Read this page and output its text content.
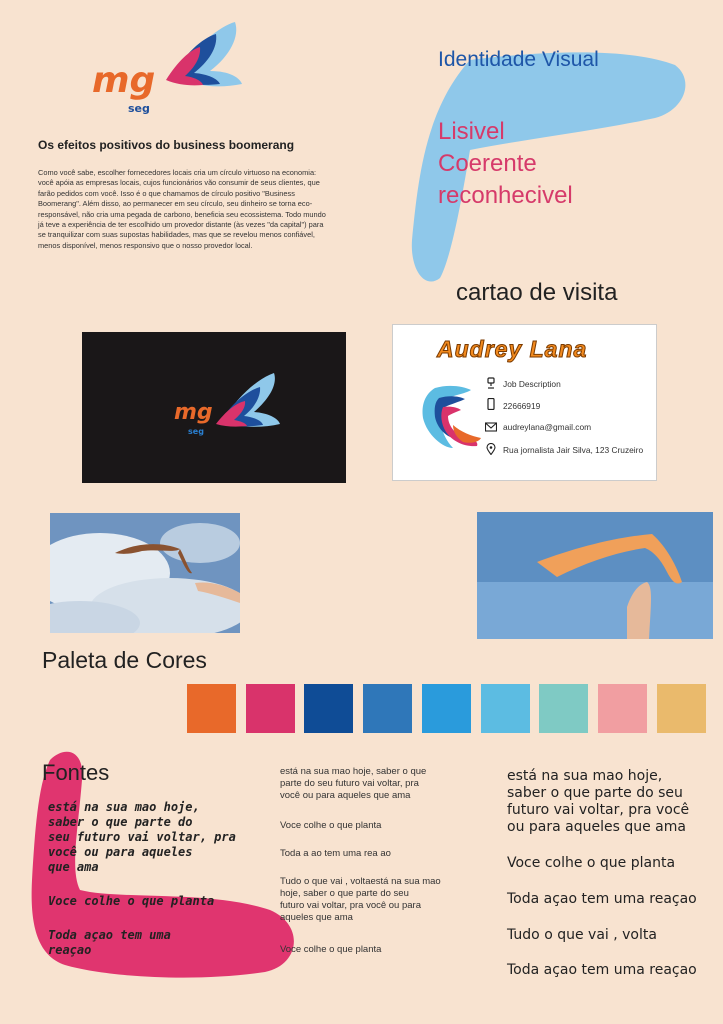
mg
seg
Os efeitos positivos do business boomerang
Como você sabe, escolher fornecedores locais cria um círculo virtuoso na economia: você apóia as empresas locais, cujos funcionários vão consumir de seus clientes, que farão pedidos com você. Isso é o que chamamos de círculo positivo "Business Boomerang". Além disso, ao permanecer em seu círculo, seu dinheiro se torna eco-responsável, não cria uma pegada de carbono, beneficia seu ecossistema. Todo mundo já teve a experiência de ter escolhido um provedor distante (às vezes "da capital") para se tranquilizar com suas supostas habilidades, mas que se revelou menos confiável, menos disponível, menos responsivo que o nosso provedor local.
Identidade Visual
Lisivel
Coerente
reconhecivel
cartao de visita
mg
seg
Audrey Lana
Job Description
22666919
audreylana@gmail.com
Rua jornalista Jair Silva, 123 Cruzeiro
Paleta de Cores
Fontes
está na sua mao hoje,
saber o que parte do
seu futuro vai voltar, pra
você ou para aqueles
que ama
Voce colhe o que planta
Toda açao tem uma
reaçao
está na sua mao hoje, saber o que
parte do seu futuro vai voltar, pra
você ou para aqueles que ama
Voce colhe o que planta
Toda a ao tem uma rea ao
Tudo o que vai , voltaestá na sua mao
hoje, saber o que parte do seu
futuro vai voltar, pra você ou para
aqueles que ama
Voce colhe o que planta
está na sua mao hoje,
saber o que parte do seu
futuro vai voltar, pra você
ou para aqueles que ama
Voce colhe o que planta
Toda açao tem uma reaçao
Tudo o que vai , volta
Toda açao tem uma reaçao
